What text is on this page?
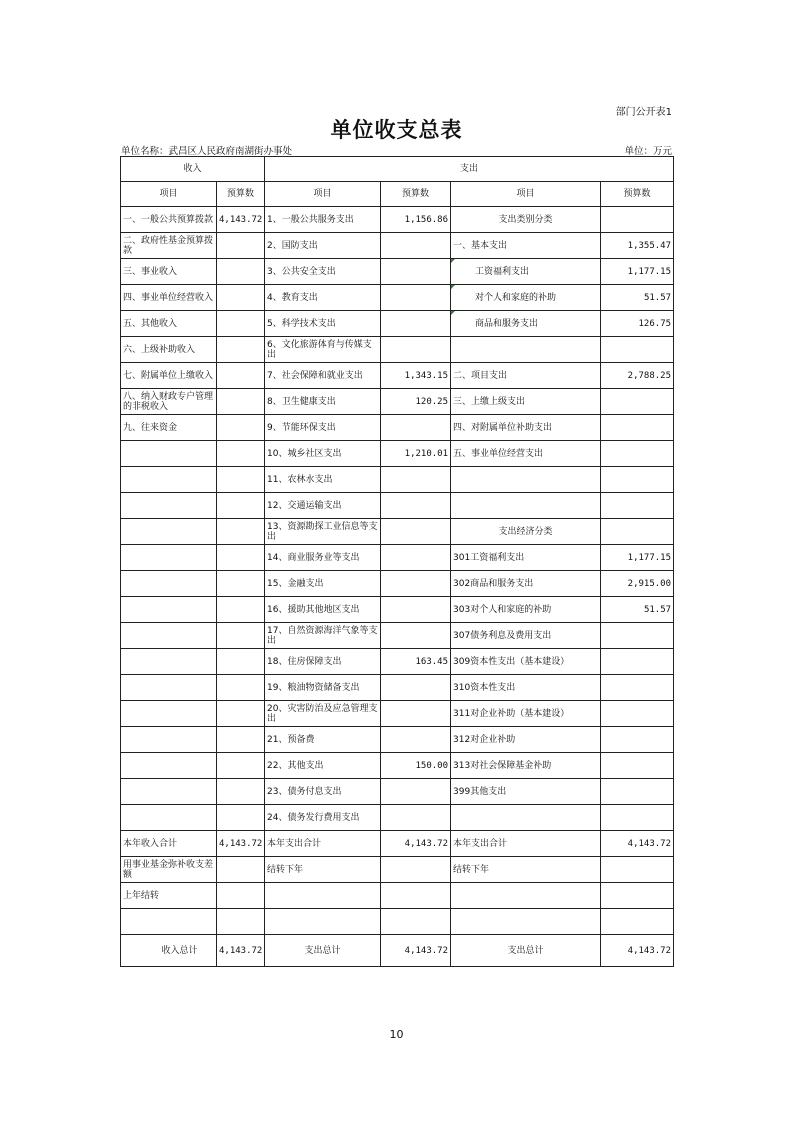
部门公开表1
单位收支总表
单位名称：武昌区人民政府南湖街办事处	单位：万元
收入		支出			
项目	预算数	项目	预算数	项目	预算数
一、一般公共预算拨款	4,143.72	1、一般公共服务支出	1,156.86	支出类别分类	
二、政府性基金预算拨款		2、国防支出		一、基本支出	1,355.47
三、事业收入		3、公共安全支出		工资福利支出	1,177.15
四、事业单位经营收入		4、教育支出		对个人和家庭的补助	51.57
五、其他收入		5、科学技术支出		商品和服务支出	126.75
六、上级补助收入		6、文化旅游体育与传媒支出			
七、附属单位上缴收入		7、社会保障和就业支出	1,343.15	二、项目支出	2,788.25
八、纳入财政专户管理的非税收入		8、卫生健康支出	120.25	三、上缴上级支出	
九、往来资金		9、节能环保支出		四、对附属单位补助支出	
		10、城乡社区支出	1,210.01	五、事业单位经营支出	
		11、农林水支出			
		12、交通运输支出			
		13、资源勘探工业信息等支出		支出经济分类	
		14、商业服务业等支出		301工资福利支出	1,177.15
		15、金融支出		302商品和服务支出	2,915.00
		16、援助其他地区支出		303对个人和家庭的补助	51.57
		17、自然资源海洋气象等支出		307债务利息及费用支出	
		18、住房保障支出	163.45	309资本性支出（基本建设）	
		19、粮油物资储备支出		310资本性支出	
		20、灾害防治及应急管理支出		311对企业补助（基本建设）	
		21、预备费		312对企业补助	
		22、其他支出	150.00	313对社会保障基金补助	
		23、债务付息支出		399其他支出	
		24、债务发行费用支出			
本年收入合计	4,143.72	本年支出合计	4,143.72	本年支出合计	4,143.72
用事业基金弥补收支差额		结转下年		结转下年	
上年结转					

收入总计	4,143.72	支出总计	4,143.72	支出总计	4,143.72
10
